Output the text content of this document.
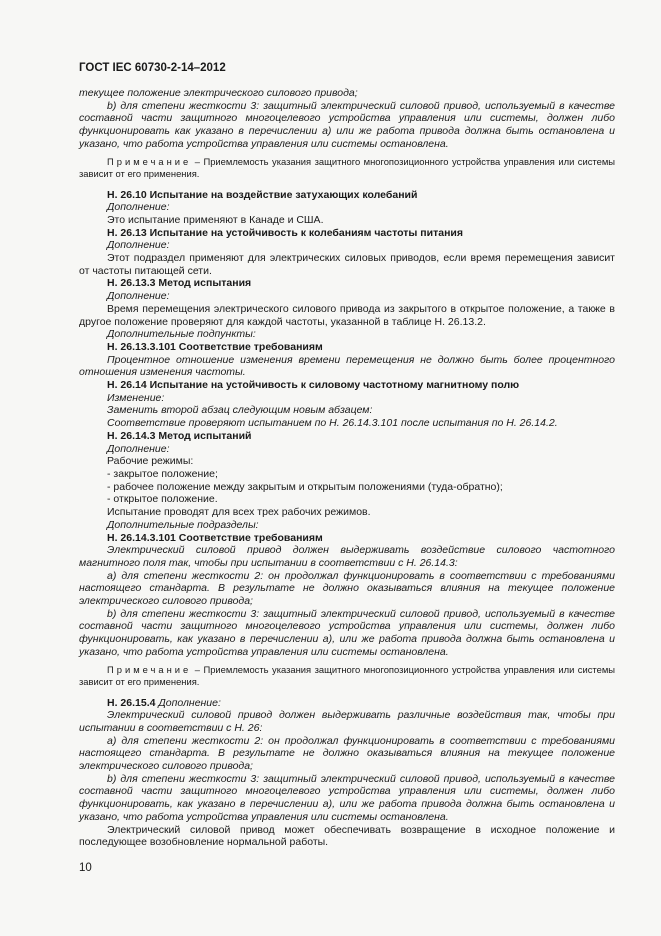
ГОСТ IEC 60730-2-14–2012

текущее положение электрического силового привода;

b) для степени жесткости 3: защитный электрический силовой привод, используемый в качестве составной части защитного многоцелевого устройства управления или системы, должен либо функционировать как указано в перечислении а) или же работа привода должна быть остановлена и указано, что работа устройства управления или системы остановлена.

Примечание – Приемлемость указания защитного многопозиционного устройства управления или системы зависит от его применения.

Н. 26.10 Испытание на воздействие затухающих колебаний

Дополнение:

Это испытание применяют в Канаде и США.

Н. 26.13 Испытание на устойчивость к колебаниям частоты питания

Дополнение:

Этот подраздел применяют для электрических силовых приводов, если время перемещения зависит от частоты питающей сети.

Н. 26.13.3 Метод испытания

Дополнение:

Время перемещения электрического силового привода из закрытого в открытое положение, а также в другое положение проверяют для каждой частоты, указанной в таблице Н. 26.13.2.

Дополнительные подпункты:

Н. 26.13.3.101 Соответствие требованиям

Процентное отношение изменения времени перемещения не должно быть более процентного отношения изменения частоты.

Н. 26.14 Испытание на устойчивость к силовому частотному магнитному полю

Изменение:

Заменить второй абзац следующим новым абзацем:

Соответствие проверяют испытанием по Н. 26.14.3.101 после испытания по Н. 26.14.2.

Н. 26.14.3 Метод испытаний

Дополнение:

Рабочие режимы:

- закрытое положение;

- рабочее положение между закрытым и открытым положениями (туда-обратно);

- открытое положение.

Испытание проводят для всех трех рабочих режимов.

Дополнительные подразделы:

Н. 26.14.3.101 Соответствие требованиям

Электрический силовой привод должен выдерживать воздействие силового частотного магнитного поля так, чтобы при испытании в соответствии с Н. 26.14.3:

а) для степени жесткости 2: он продолжал функционировать в соответствии с требованиями настоящего стандарта. В результате не должно оказываться влияния на текущее положение электрического силового привода;

b) для степени жесткости 3: защитный электрический силовой привод, используемый в качестве составной части защитного многоцелевого устройства управления или системы, должен либо функционировать, как указано в перечислении а), или же работа привода должна быть остановлена и указано, что работа устройства управления или системы остановлена.

Примечание – Приемлемость указания защитного многопозиционного устройства управления или системы зависит от его применения.

Н. 26.15.4 Дополнение:

Электрический силовой привод должен выдерживать различные воздействия так, чтобы при испытании в соответствии с Н. 26:

а) для степени жесткости 2: он продолжал функционировать в соответствии с требованиями настоящего стандарта. В результате не должно оказываться влияния на текущее положение электрического силового привода;

b) для степени жесткости 3: защитный электрический силовой привод, используемый в качестве составной части защитного многоцелевого устройства управления или системы, должен либо функционировать, как указано в перечислении а), или же работа привода должна быть остановлена и указано, что работа устройства управления или системы остановлена.

Электрический силовой привод может обеспечивать возвращение в исходное положение и последующее возобновление нормальной работы.

10
